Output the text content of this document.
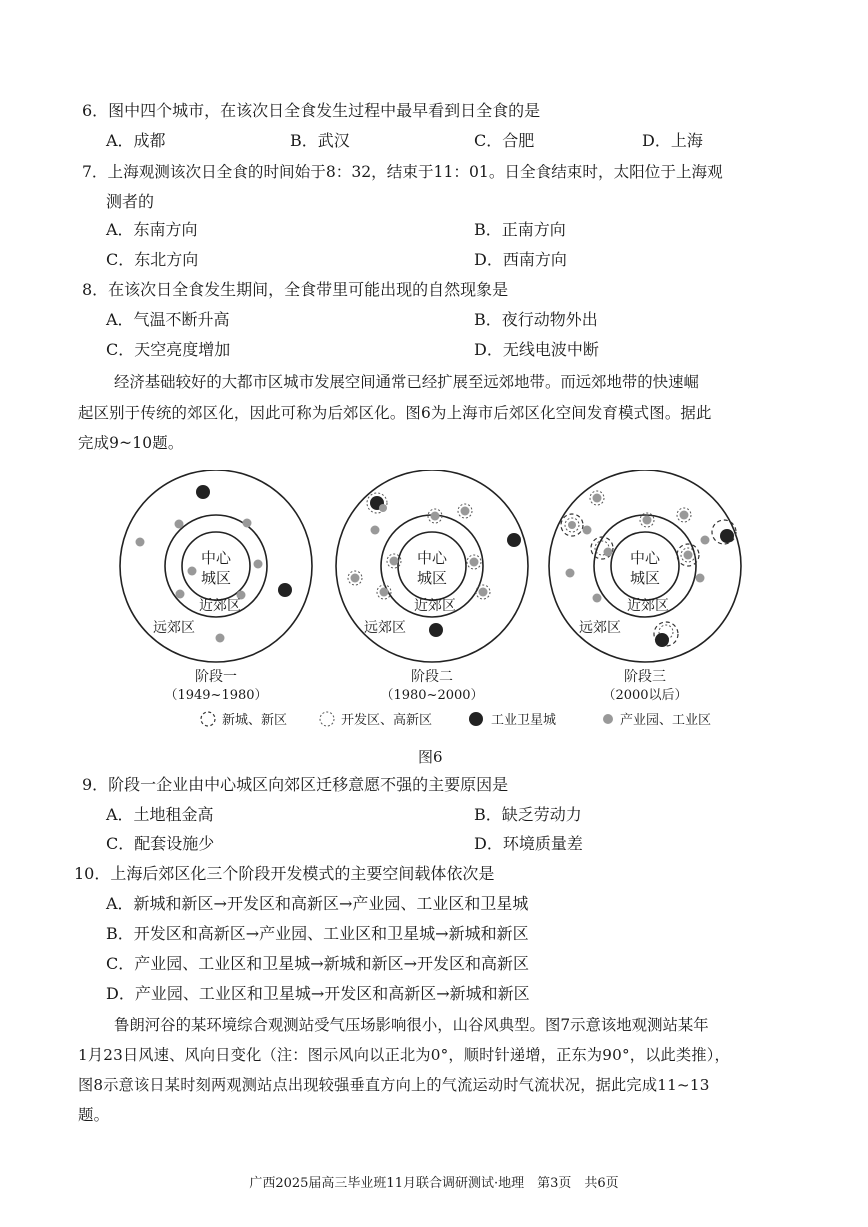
6．图中四个城市，在该次日全食发生过程中最早看到日全食的是
A．成都	B．武汉	C．合肥	D．上海
7．上海观测该次日全食的时间始于8：32，结束于11：01。日全食结束时，太阳位于上海观
测者的
A．东南方向	B．正南方向
C．东北方向	D．西南方向
8．在该次日全食发生期间，全食带里可能出现的自然现象是
A．气温不断升高	B．夜行动物外出
C．天空亮度增加	D．无线电波中断
经济基础较好的大都市区城市发展空间通常已经扩展至远郊地带。而远郊地带的快速崛
起区别于传统的郊区化，因此可称为后郊区化。图6为上海市后郊区化空间发育模式图。据此
完成9~10题。
中心
城区
近郊区
远郊区
阶段一
（1949~1980）
中心
城区
近郊区
远郊区
阶段二
（1980~2000）
中心
城区
近郊区
远郊区
阶段三
（2000以后）
新城、新区	开发区、高新区	工业卫星城	产业园、工业区
图6
9．阶段一企业由中心城区向郊区迁移意愿不强的主要原因是
A．土地租金高	B．缺乏劳动力
C．配套设施少	D．环境质量差
10．上海后郊区化三个阶段开发模式的主要空间载体依次是
A．新城和新区→开发区和高新区→产业园、工业区和卫星城
B．开发区和高新区→产业园、工业区和卫星城→新城和新区
C．产业园、工业区和卫星城→新城和新区→开发区和高新区
D．产业园、工业区和卫星城→开发区和高新区→新城和新区
鲁朗河谷的某环境综合观测站受气压场影响很小，山谷风典型。图7示意该地观测站某年
1月23日风速、风向日变化（注：图示风向以正北为0°，顺时针递增，正东为90°，以此类推），
图8示意该日某时刻两观测站点出现较强垂直方向上的气流运动时气流状况，据此完成11~13
题。
广西2025届高三毕业班11月联合调研测试·地理　第3页　共6页
